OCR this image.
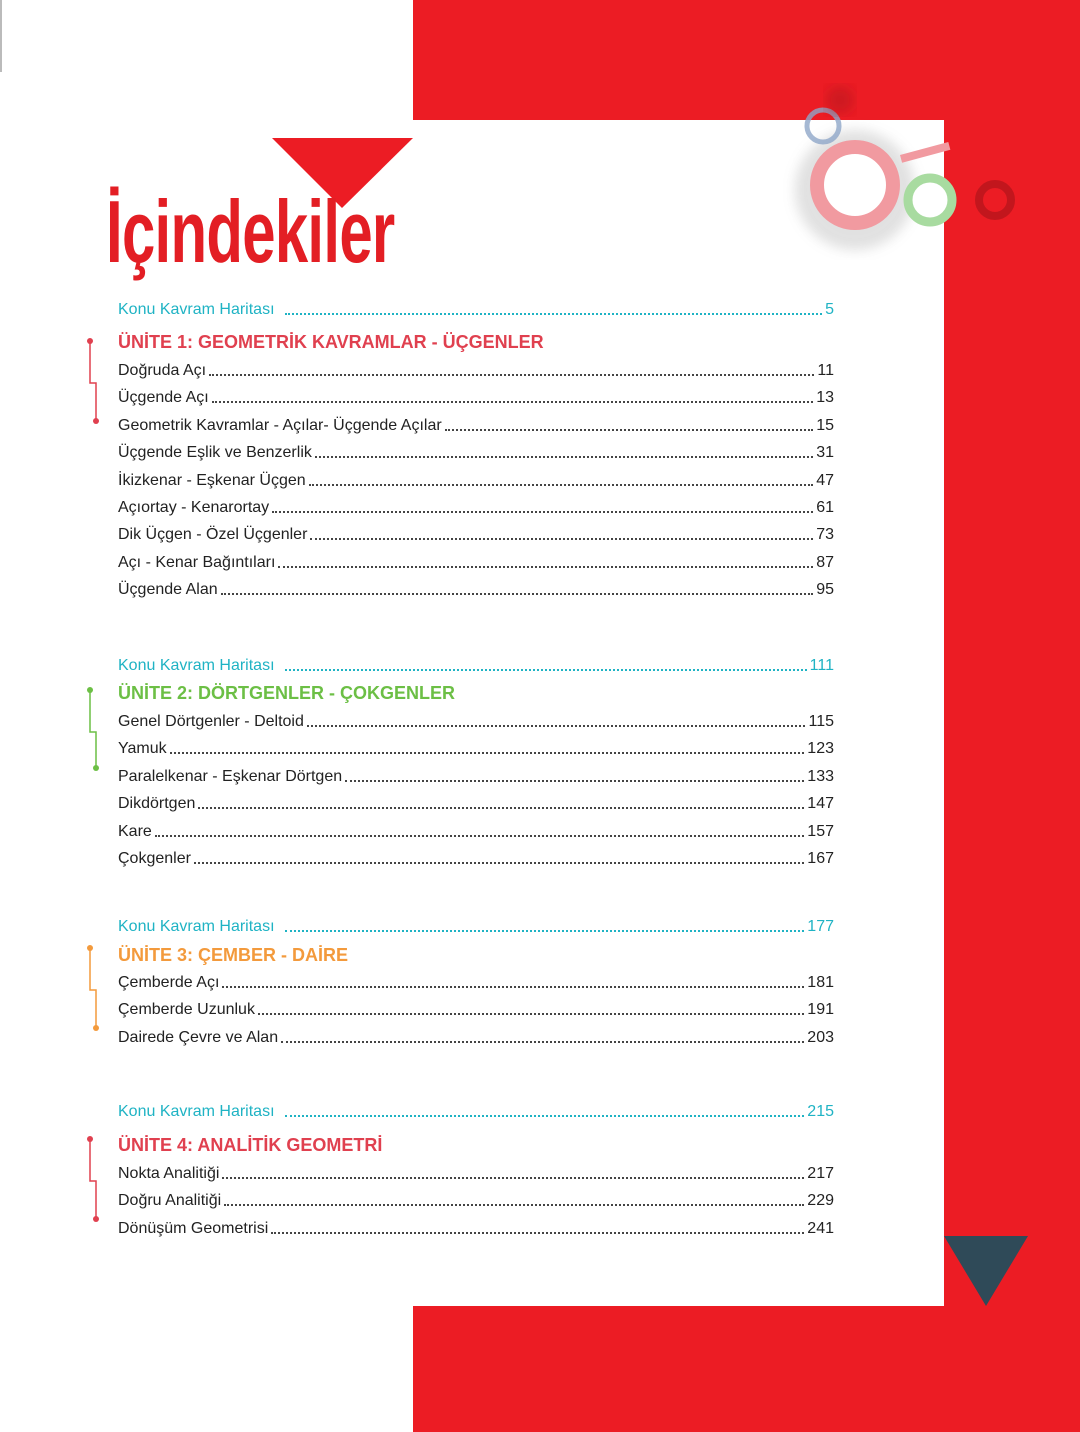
İçindekiler
Konu Kavram Haritası	5
ÜNİTE 1: GEOMETRİK KAVRAMLAR - ÜÇGENLER
Doğruda Açı	11
Üçgende Açı	13
Geometrik Kavramlar - Açılar- Üçgende Açılar	15
Üçgende Eşlik ve Benzerlik	31
İkizkenar - Eşkenar Üçgen	47
Açıortay - Kenarortay	61
Dik Üçgen - Özel Üçgenler	73
Açı - Kenar Bağıntıları	87
Üçgende Alan	95
Konu Kavram Haritası	111
ÜNİTE 2: DÖRTGENLER - ÇOKGENLER
Genel Dörtgenler - Deltoid	115
Yamuk	123
Paralelkenar - Eşkenar Dörtgen	133
Dikdörtgen	147
Kare	157
Çokgenler	167
Konu Kavram Haritası	177
ÜNİTE 3: ÇEMBER - DAİRE
Çemberde Açı	181
Çemberde Uzunluk	191
Dairede Çevre ve Alan	203
Konu Kavram Haritası	215
ÜNİTE 4: ANALİTİK GEOMETRİ
Nokta Analitiği	217
Doğru Analitiği	229
Dönüşüm Geometrisi	241
